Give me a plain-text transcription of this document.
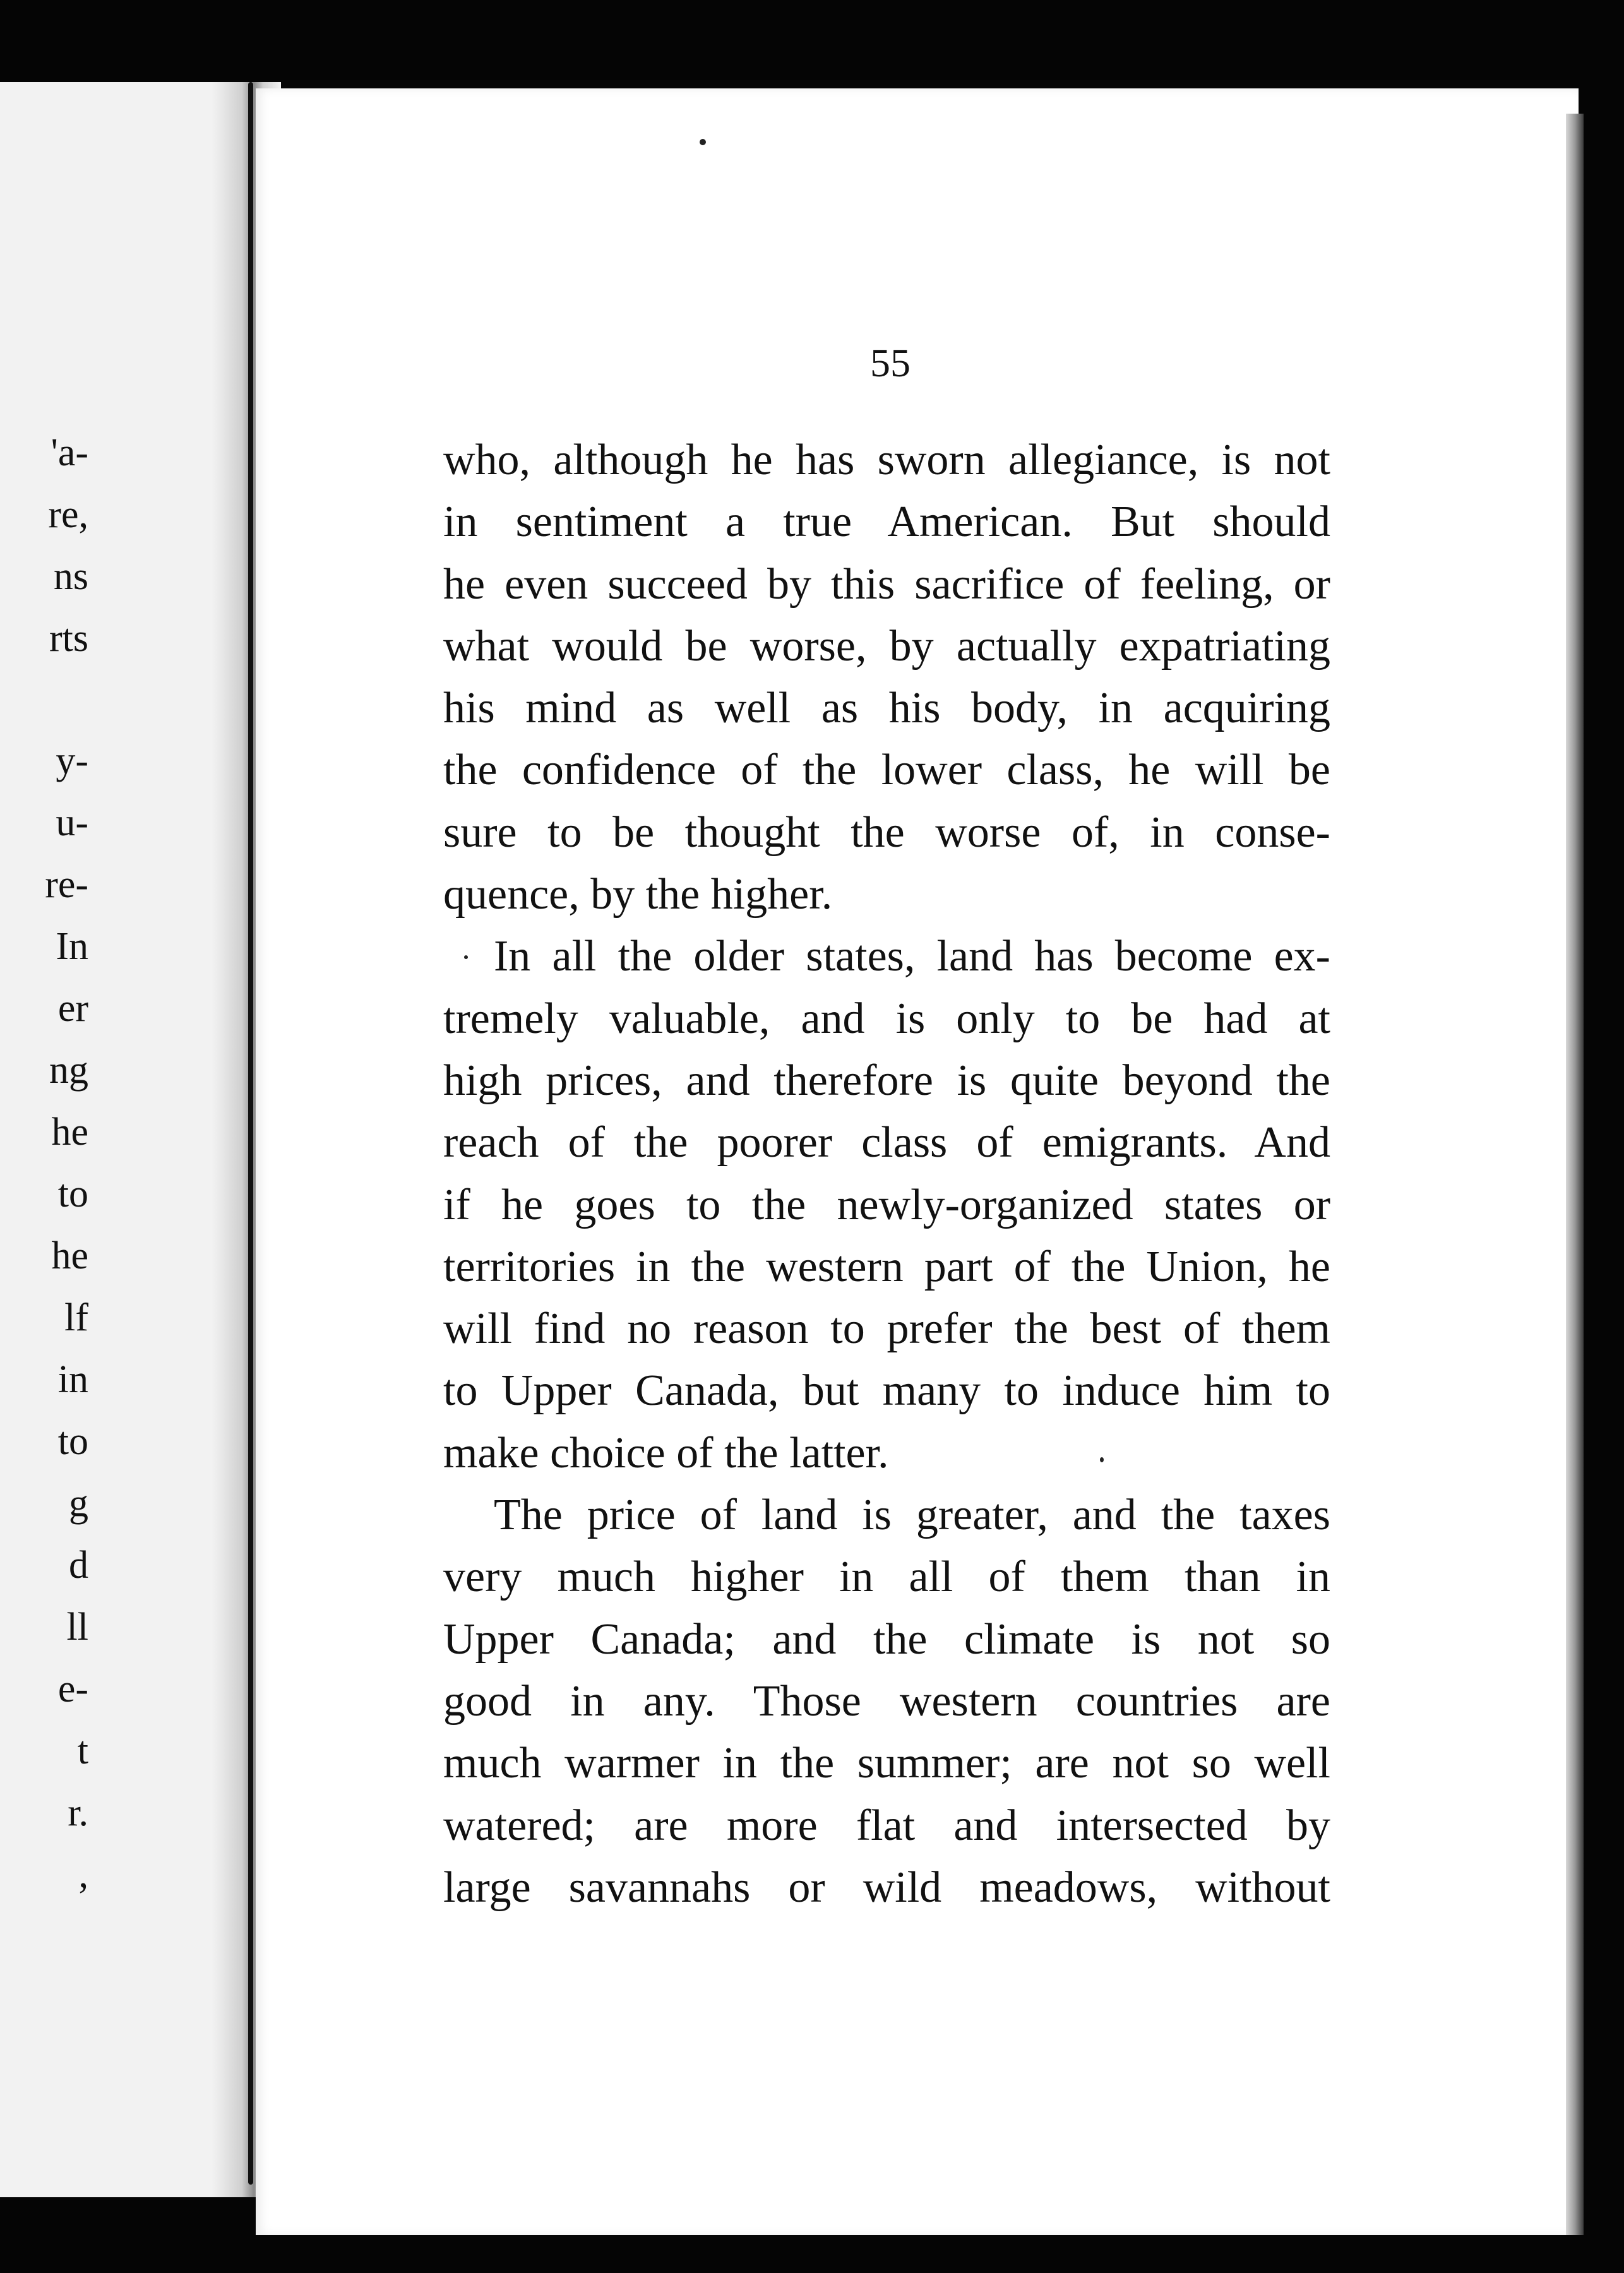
'a-
re,
ns
rts
y-
u-
re-
In
er
ng
he
to
he
lf
in
to
g
d
ll
e-
t
r.
,
55
who, although he has sworn allegiance, is not
in sentiment a true American. But should
he even succeed by this sacrifice of feeling, or
what would be worse, by actually expatriating
his mind as well as his body, in acquiring
the confidence of the lower class, he will be
sure to be thought the worse of, in conse-
quence, by the higher.
In all the older states, land has become ex-
tremely valuable, and is only to be had at
high prices, and therefore is quite beyond the
reach of the poorer class of emigrants. And
if he goes to the newly-organized states or
territories in the western part of the Union, he
will find no reason to prefer the best of them
to Upper Canada, but many to induce him to
make choice of the latter.
The price of land is greater, and the taxes
very much higher in all of them than in
Upper Canada; and the climate is not so
good in any. Those western countries are
much warmer in the summer; are not so well
watered; are more flat and intersected by
large savannahs or wild meadows, without
